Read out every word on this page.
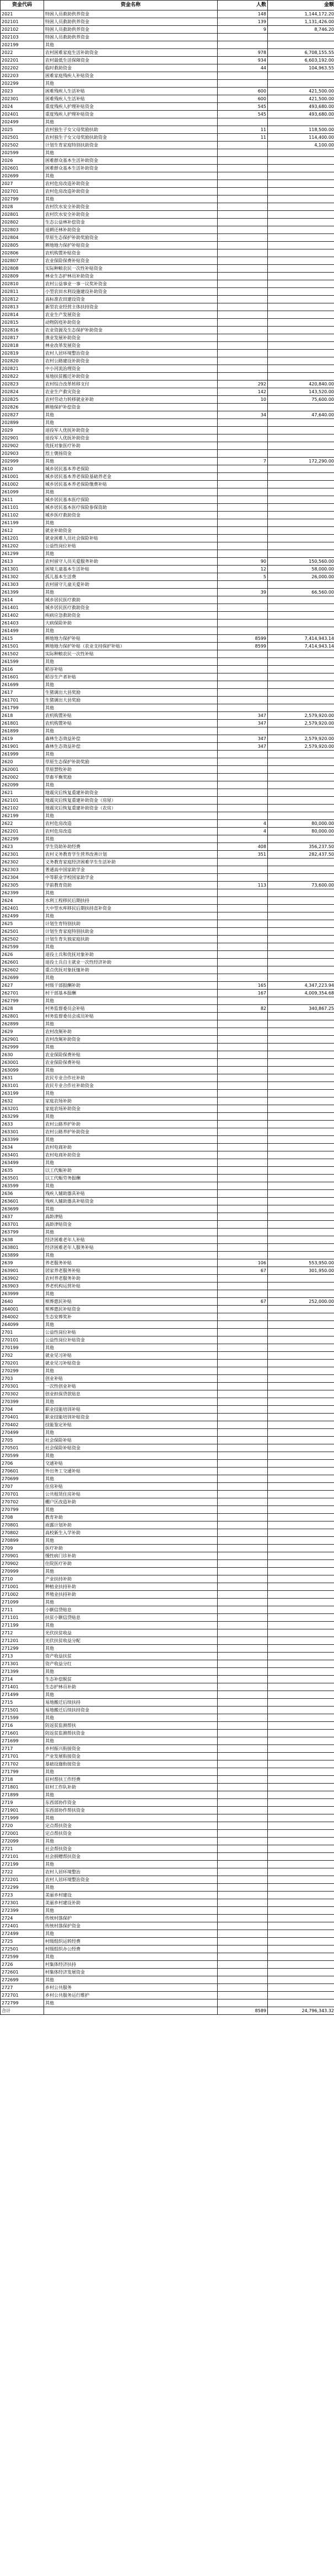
资金代码	资金名称	人数	金额
2021	特困人员救助供养资金	148	1,144,172.20
202101	特困人员救助供养资金	139	1,131,426.00
202102	特困人员救助供养资金	9	8,746.20
202103	特困人员救助供养资金		
202199	其他		
2022	农村困难家庭生活补助资金	978	6,708,155.55
202201	农村最低生活保障资金	934	6,603,192.00
202202	临时救助资金	44	104,963.55
202203	困难家庭残疾人补贴资金		
202299	其他		
2023	困难残疾人生活补贴	600	421,500.00
202301	困难残疾人生活补贴	600	421,500.00
2024	重度残疾人护理补贴资金	545	493,680.00
202401	重度残疾人护理补贴资金	545	493,680.00
202499	其他		
2025	农村独生子女父母奖励扶助	11	118,500.00
202501	农村独生子女父母奖励扶助资金	11	114,400.00
202502	计划生育家庭特别扶助资金		4,100.00
202599	其他		
2026	困难群众基本生活补助资金		
202601	困难群众基本生活补助资金		
202699	其他		
2027	农村危房改造补助资金		
202701	农村危房改造补助资金		
202799	其他		
2028	农村饮水安全补助资金		
202801	农村饮水安全补助资金		
202802	生态公益林补偿资金		
202803	退耕还林补助资金		
202804	草原生态保护补助奖励资金		
202805	耕地地力保护补贴资金		
202806	农机购置补贴资金		
202807	农业保险保费补贴资金		
202808	实际种粮农民一次性补贴资金		
202809	林业生态护林员补助资金		
202810	农村公益事业一事一议奖补资金		
202811	小型农田水利设施建设补助资金		
202812	高标准农田建设资金		
202813	新型农业经营主体扶持资金		
202814	农业生产发展资金		
202815	动物防疫补助资金		
202816	农业资源及生态保护补助资金		
202817	渔业发展补助资金		
202818	林业改革发展资金		
202819	农村人居环境整治资金		
202820	农村公路建设补助资金		
202821	中小河流治理资金		
202822	易地扶贫搬迁补助资金		
202823	农村综合改革转移支付	292	420,840.00
202824	农业生产救灾资金	142	143,520.00
202825	农村劳动力转移就业补助	10	75,600.00
202826	耕地保护补偿资金		
202827	其他	34	47,640.00
202899	其他		
2029	退役军人优抚补助资金		
202901	退役军人优抚补助资金		
202902	优抚对象医疗补助		
202903	烈士褒扬资金		
202999	其他	7	172,290.00
2610	城乡居民基本养老保险		
261001	城乡居民基本养老保险基础养老金		
261002	城乡居民基本养老保险缴费补贴		
261099	其他		
2611	城乡居民基本医疗保险		
261101	城乡居民基本医疗保险参保资助		
261102	城乡医疗救助资金		
261199	其他		
2612	就业补助资金		
261201	就业困难人员社会保险补贴		
261202	公益性岗位补贴		
261299	其他		
2613	农村留守人员关爱服务补助	90	150,560.00
261301	困境儿童基本生活补贴	12	58,000.00
261302	孤儿基本生活费	5	26,000.00
261303	农村留守儿童关爱补助		
261399	其他	39	66,560.00
2614	城乡居民医疗救助		
261401	城乡居民医疗救助资金		
261402	疾病应急救助资金		
261403	大病保险补助		
261499	其他		
2615	耕地地力保护补贴	8599	7,414,943.14
261501	耕地地力保护补贴（农业支持保护补贴）	8599	7,414,943.14
261502	实际种粮农民一次性补贴		
261599	其他		
2616	稻谷补贴		
261601	稻谷生产者补贴		
261699	其他		
2617	生猪调出大县奖励		
261701	生猪调出大县奖励		
261799	其他		
2618	农机购置补贴	347	2,579,920.00
261801	农机购置补贴	347	2,579,920.00
261899	其他		
2619	森林生态效益补偿	347	2,579,920.00
261901	森林生态效益补偿	347	2,579,920.00
261999	其他		
2620	草原生态保护补助奖励		
262001	草原禁牧补助		
262002	草畜平衡奖励		
262099	其他		
2621	地震灾后恢复重建补助资金		
262101	地震灾后恢复重建补助资金（房屋）		
262102	地震灾后恢复重建补助资金（农房）		
262199	其他		
2622	农村危房改造	4	80,000.00
262201	农村危房改造	4	80,000.00
262299	其他		
2623	学生资助补助经费	408	356,237.50
262301	农村义务教育学生营养改善计划	351	282,437.50
262302	义务教育家庭经济困难学生生活补助		
262303	普通高中国家助学金		
262304	中等职业学校国家助学金		
262305	学前教育资助	113	73,600.00
262399	其他		
2624	水利工程移民后期扶持		
262401	大中型水库移民后期扶持直补资金		
262499	其他		
2625	计划生育特别扶助		
262501	计划生育家庭特别扶助金		
262502	计划生育失独家庭扶助		
262599	其他		
2626	退役士兵和优抚对象补助		
262601	退役士兵自主就业一次性经济补助		
262602	重点优抚对象抚恤补助		
262699	其他		
2627	村级干部报酬补助	165	4,347,223.94
262701	村干部基本报酬	167	4,009,354.68
262799	其他		
2628	村务监督委员会补贴	82	340,867.25
262801	村务监督委员会成员补贴		
262899	其他		
2629	农村改厕补助		
262901	农村改厕补助资金		
262999	其他		
2630	农业保险保费补贴		
263001	农业保险保费补贴		
263099	其他		
2631	农民专业合作社补助		
263101	农民专业合作社补助资金		
263199	其他		
2632	家庭农场补助		
263201	家庭农场补助资金		
263299	其他		
2633	农村公路养护补助		
263301	农村公路养护补助资金		
263399	其他		
2634	农村电商补助		
263401	农村电商补助资金		
263499	其他		
2635	以工代赈补助		
263501	以工代赈劳务报酬		
263599	其他		
2636	残疾人辅助器具补贴		
263601	残疾人辅助器具补贴资金		
263699	其他		
2637	高龄津贴		
263701	高龄津贴资金		
263799	其他		
2638	经济困难老年人补贴		
263801	经济困难老年人服务补贴		
263899	其他		
2639	养老服务补贴	106	553,950.00
263901	居家养老服务补贴	67	301,950.00
263902	农村养老服务补助		
263903	养老机构运营补贴		
263999	其他		
2640	殡葬惠民补贴	67	252,000.00
264001	殡葬惠民补贴资金		
264002	生态安葬奖补		
264099	其他		
2701	公益性岗位补贴		
270101	公益性岗位补贴资金		
270199	其他		
2702	就业见习补贴		
270201	就业见习补贴资金		
270299	其他		
2703	创业补贴		
270301	一次性创业补贴		
270302	创业担保贷款贴息		
270399	其他		
2704	职业技能培训补贴		
270401	职业技能培训补贴资金		
270402	技能鉴定补贴		
270499	其他		
2705	社会保险补贴		
270501	社会保险补贴资金		
270599	其他		
2706	交通补贴		
270601	外出务工交通补贴		
270699	其他		
2707	住房补贴		
270701	公共租赁住房补贴		
270702	棚户区改造补助		
270799	其他		
2708	教育补助		
270801	雨露计划补助		
270802	高校新生入学补助		
270899	其他		
2709	医疗补助		
270901	慢性病门诊补助		
270902	住院医疗补助		
270999	其他		
2710	产业扶持补助		
271001	种植业扶持补助		
271002	养殖业扶持补助		
271099	其他		
2711	小额信贷贴息		
271101	扶贫小额信贷贴息		
271199	其他		
2712	光伏扶贫收益		
271201	光伏扶贫收益分配		
271299	其他		
2713	资产收益扶贫		
271301	资产收益分红		
271399	其他		
2714	生态补偿脱贫		
271401	生态护林员补助		
271499	其他		
2715	易地搬迁后续扶持		
271501	易地搬迁后续扶持资金		
271599	其他		
2716	防返贫监测帮扶		
271601	防返贫监测帮扶资金		
271699	其他		
2717	乡村振兴衔接资金		
271701	产业发展衔接资金		
271702	基础设施衔接资金		
271799	其他		
2718	驻村帮扶工作经费		
271801	驻村工作队补助		
271899	其他		
2719	东西部协作资金		
271901	东西部协作帮扶资金		
271999	其他		
2720	定点帮扶资金		
272001	定点帮扶资金		
272099	其他		
2721	社会帮扶资金		
272101	社会捐赠帮扶资金		
272199	其他		
2722	农村人居环境整治		
272201	农村人居环境整治资金		
272299	其他		
2723	美丽乡村建设		
272301	美丽乡村建设补助		
272399	其他		
2724	传统村落保护		
272401	传统村落保护资金		
272499	其他		
2725	村级组织运转经费		
272501	村级组织办公经费		
272599	其他		
2726	村集体经济扶持		
272601	村集体经济发展资金		
272699	其他		
2727	乡村公共服务		
272701	乡村公共服务运行维护		
272799	其他		
合计		8589	24,796,343.32
